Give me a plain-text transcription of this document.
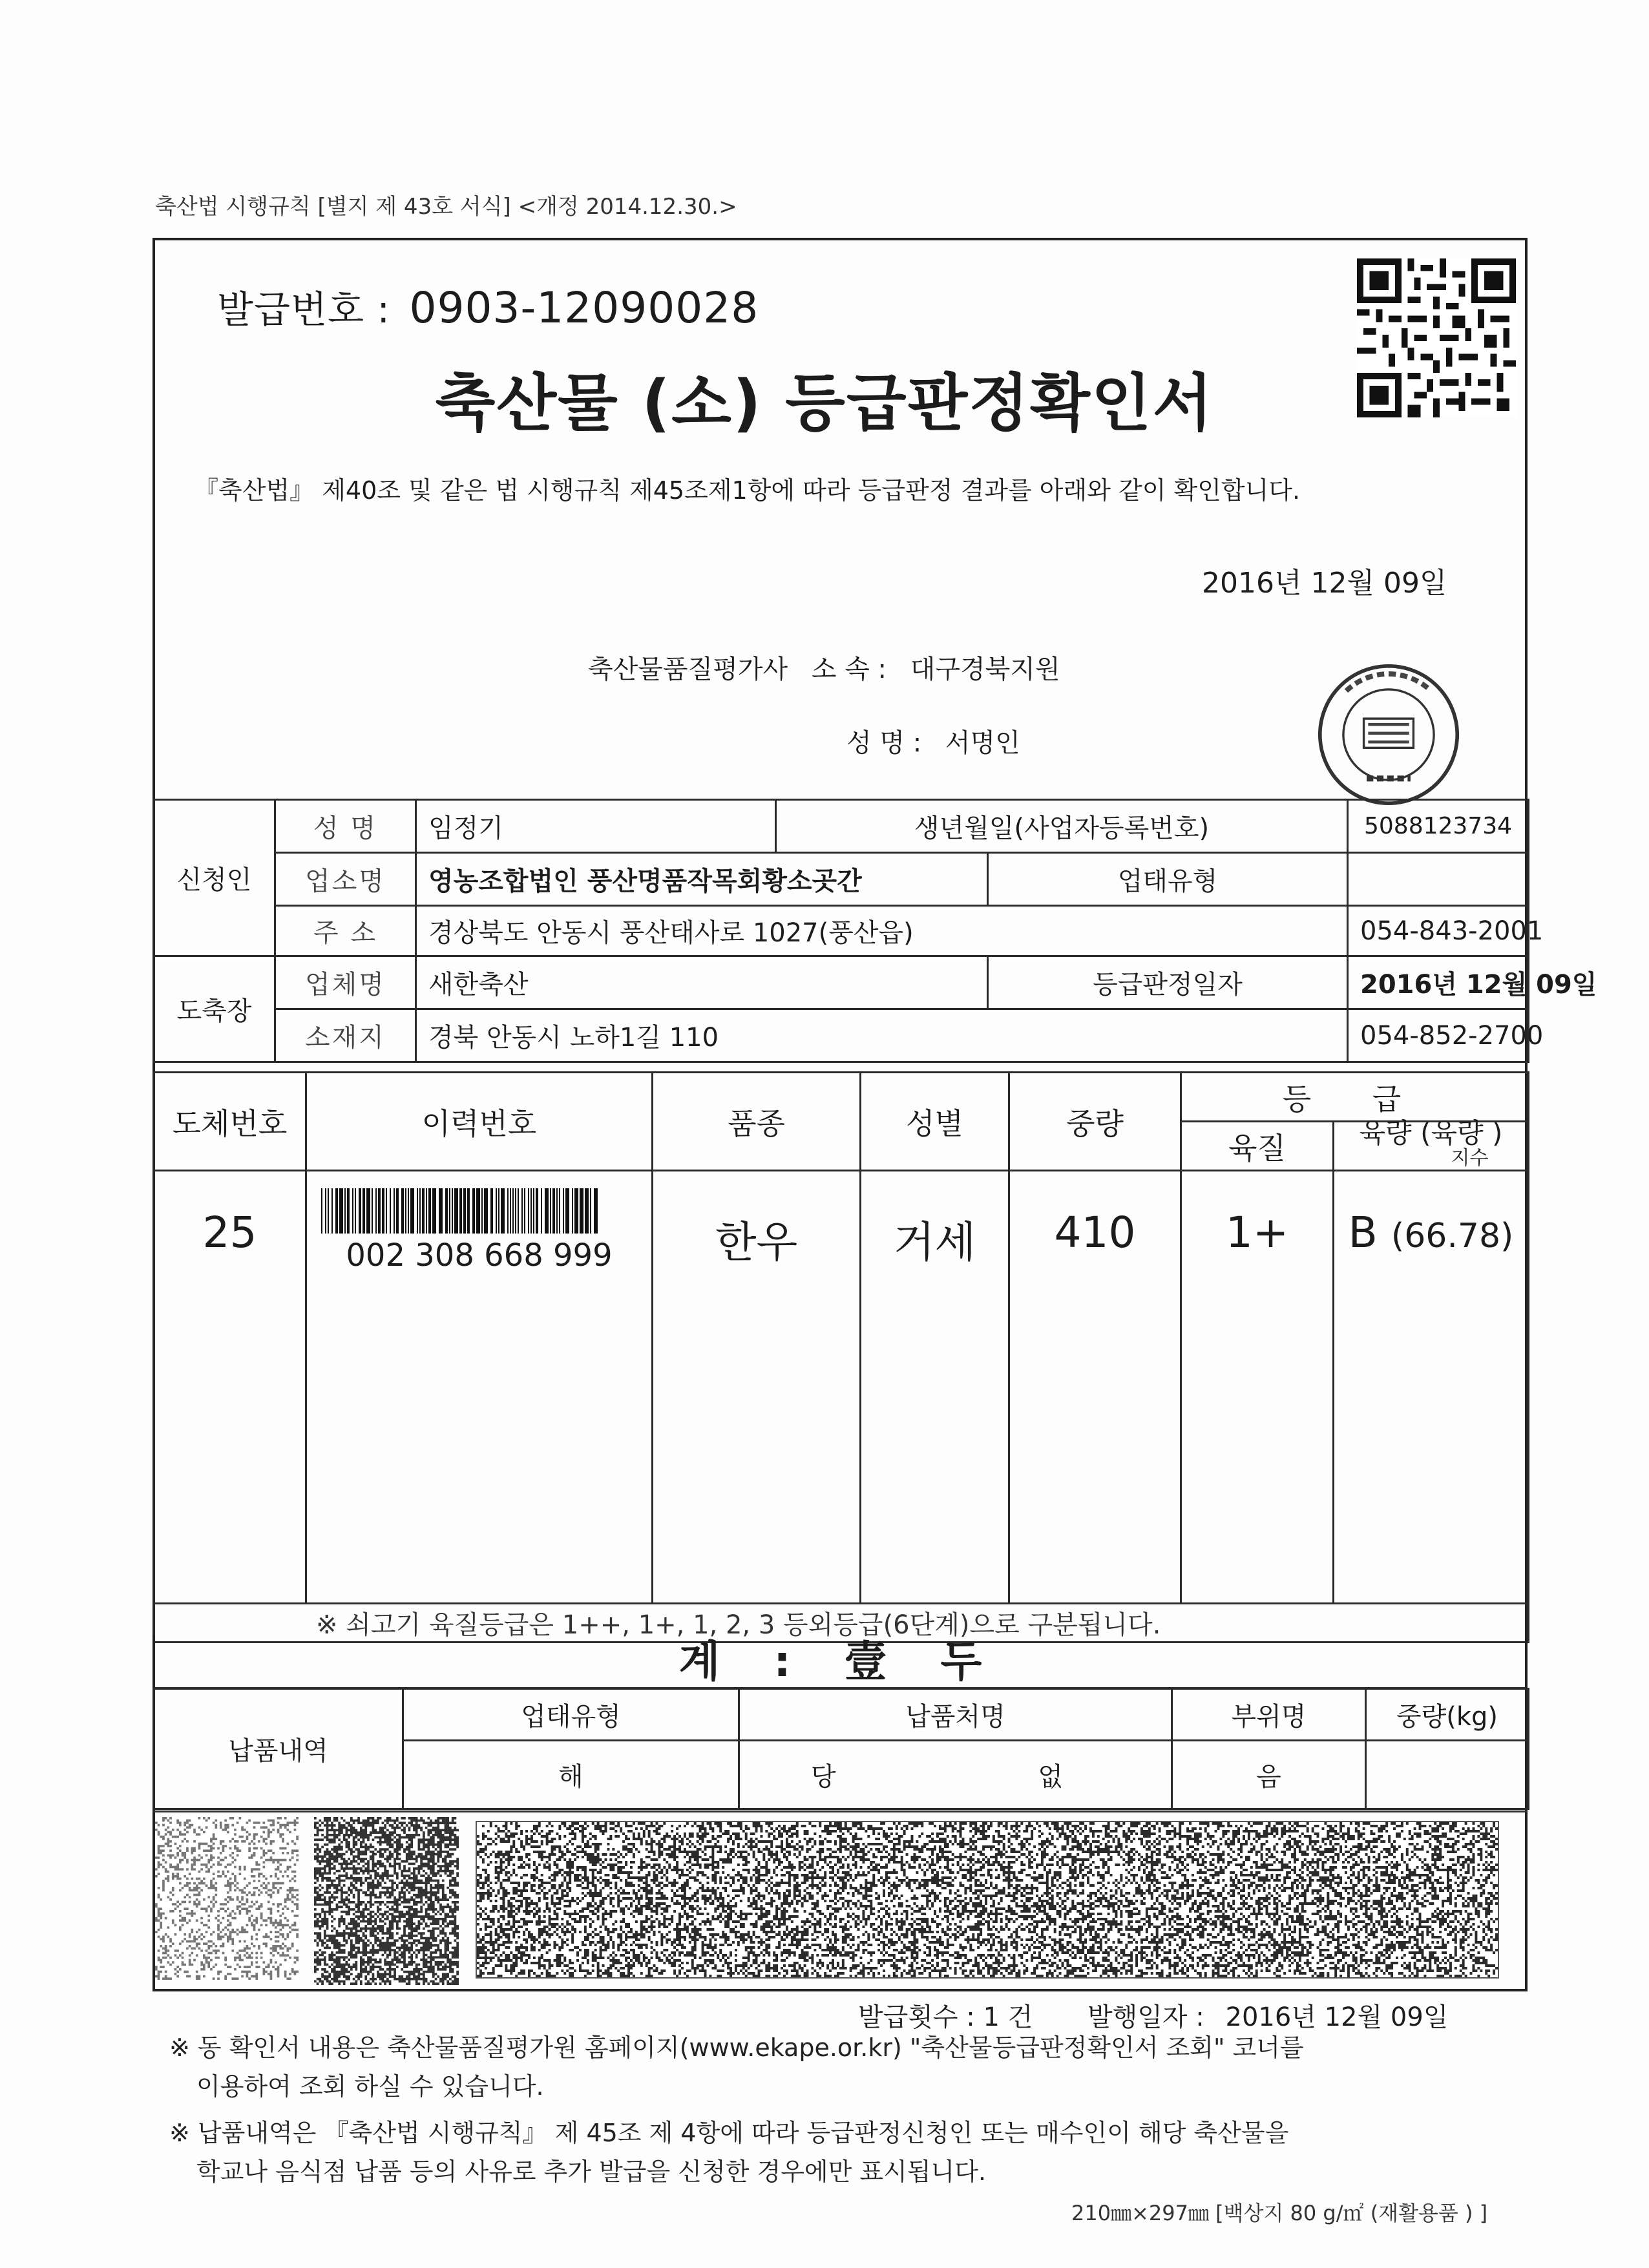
축산법 시행규칙 [별지 제 43호 서식] <개정 2014.12.30.>
발급번호 : 0903-12090028
축산물 (소) 등급판정확인서
『축산법』 제40조 및 같은 법 시행규칙 제45조제1항에 따라 등급판정 결과를 아래와 같이 확인합니다.
2016년 12월 09일
축산물품질평가사 소 속 : 대구경북지원
성 명 : 서명인
신청인	성 명	임정기	생년월일(사업자등록번호)		5088123734
	업소명	영농조합법인 풍산명품작목회황소곳간		업태유형	
	주 소	경상북도 안동시 풍산태사로 1027(풍산읍)			054-843-2001
도축장	업체명	새한축산		등급판정일자	2016년 12월 09일
	소재지	경북 안동시 노하1길 110			054-852-2700
도체번호	이력번호	품종	성별	중량	등 급	
					육질	육량 (육량 )
지수
25	002 308 668 999	한우	거세	410	1+	B (66.78)
※ 쇠고기 육질등급은 1++, 1+, 1, 2, 3 등외등급(6단계)으로 구분됩니다.						
계 : 壹 두
납품내역	업태유형	납품처명	부위명	중량(kg)
	해	당 없	음	
발급횟수 : 1 건 발행일자 : 2016년 12월 09일
※ 동 확인서 내용은 축산물품질평가원 홈페이지(www.ekape.or.kr) "축산물등급판정확인서 조회" 코너를
이용하여 조회 하실 수 있습니다.
※ 납품내역은 『축산법 시행규칙』 제 45조 제 4항에 따라 등급판정신청인 또는 매수인이 해당 축산물을
학교나 음식점 납품 등의 사유로 추가 발급을 신청한 경우에만 표시됩니다.
210㎜×297㎜ [백상지 80 g/㎡ (재활용품 ) ]
